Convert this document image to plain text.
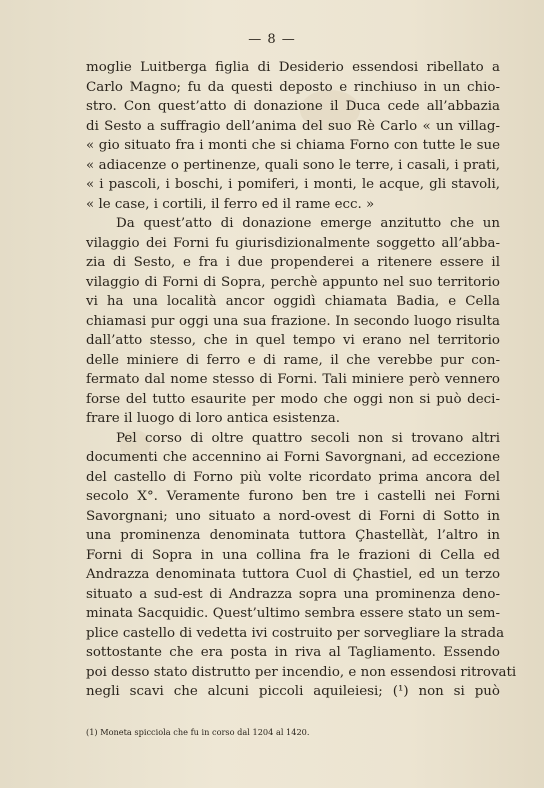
— 8 —
moglie Luitberga figlia di Desiderio essendosi ribellato a
Carlo Magno; fu da questi deposto e rinchiuso in un chio-
stro. Con quest’atto di donazione il Duca cede all’abbazia
di Sesto a suffragio dell’anima del suo Rè Carlo « un villag-
« gio situato fra i monti che si chiama Forno con tutte le sue
« adiacenze o pertinenze, quali sono le terre, i casali, i prati,
« i pascoli, i boschi, i pomiferi, i monti, le acque, gli stavoli,
« le case, i cortili, il ferro ed il rame ecc. »
Da quest’atto di donazione emerge anzitutto che un
vilaggio dei Forni fu giurisdizionalmente soggetto all’abba-
zia di Sesto, e fra i due propenderei a ritenere essere il
vilaggio di Forni di Sopra, perchè appunto nel suo territorio
vi ha una località ancor oggidì chiamata Badia, e Cella
chiamasi pur oggi una sua frazione. In secondo luogo risulta
dall’atto stesso, che in quel tempo vi erano nel territorio
delle miniere di ferro e di rame, il che verebbe pur con-
fermato dal nome stesso di Forni. Tali miniere però vennero
forse del tutto esaurite per modo che oggi non si può deci-
frare il luogo di loro antica esistenza.
Pel corso di oltre quattro secoli non si trovano altri
documenti che accennino ai Forni Savorgnani, ad eccezione
del castello di Forno più volte ricordato prima ancora del
secolo X°. Veramente furono ben tre i castelli nei Forni
Savorgnani; uno situato a nord-ovest di Forni di Sotto in
una prominenza denominata tuttora Çhastellàt, l’altro in
Forni di Sopra in una collina fra le frazioni di Cella ed
Andrazza denominata tuttora Cuol di Çhastiel, ed un terzo
situato a sud-est di Andrazza sopra una prominenza deno-
minata Sacquidic. Quest’ultimo sembra essere stato un sem-
plice castello di vedetta ivi costruito per sorvegliare la strada
sottostante che era posta in riva al Tagliamento. Essendo
poi desso stato distrutto per incendio, e non essendosi ritrovati
negli scavi che alcuni piccoli aquileiesi; (¹) non si può
(1) Moneta spicciola che fu in corso dal 1204 al 1420.
